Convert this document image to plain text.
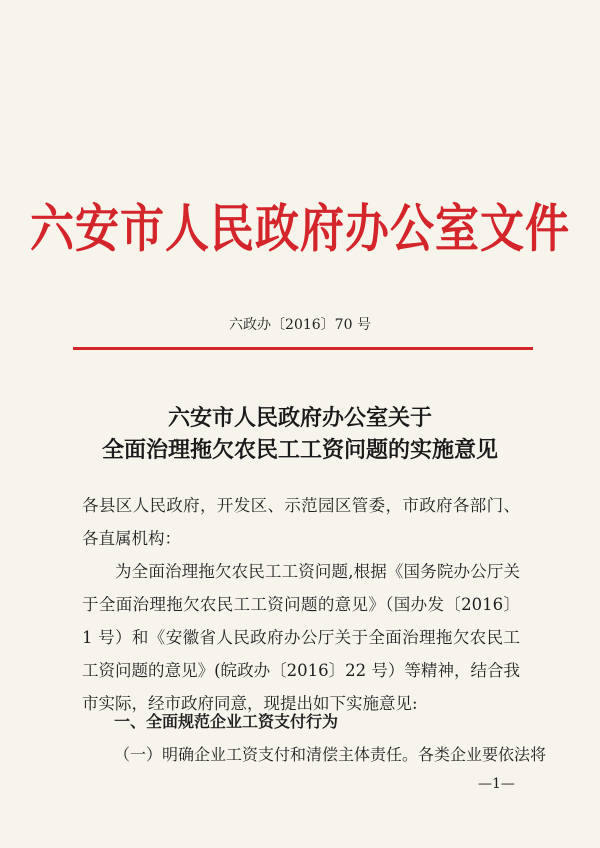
六安市人民政府办公室文件
六政办〔2016〕70 号
六安市人民政府办公室关于
全面治理拖欠农民工工资问题的实施意见
各县区人民政府，开发区、示范园区管委，市政府各部门、各直属机构：
为全面治理拖欠农民工工资问题,根据《国务院办公厅关于全面治理拖欠农民工工资问题的意见》（国办发〔2016〕1 号）和《安徽省人民政府办公厅关于全面治理拖欠农民工工资问题的意见》(皖政办〔2016〕22 号）等精神，结合我市实际，经市政府同意，现提出如下实施意见:
一、全面规范企业工资支付行为
（一）明确企业工资支付和清偿主体责任。各类企业要依法将
—1—
